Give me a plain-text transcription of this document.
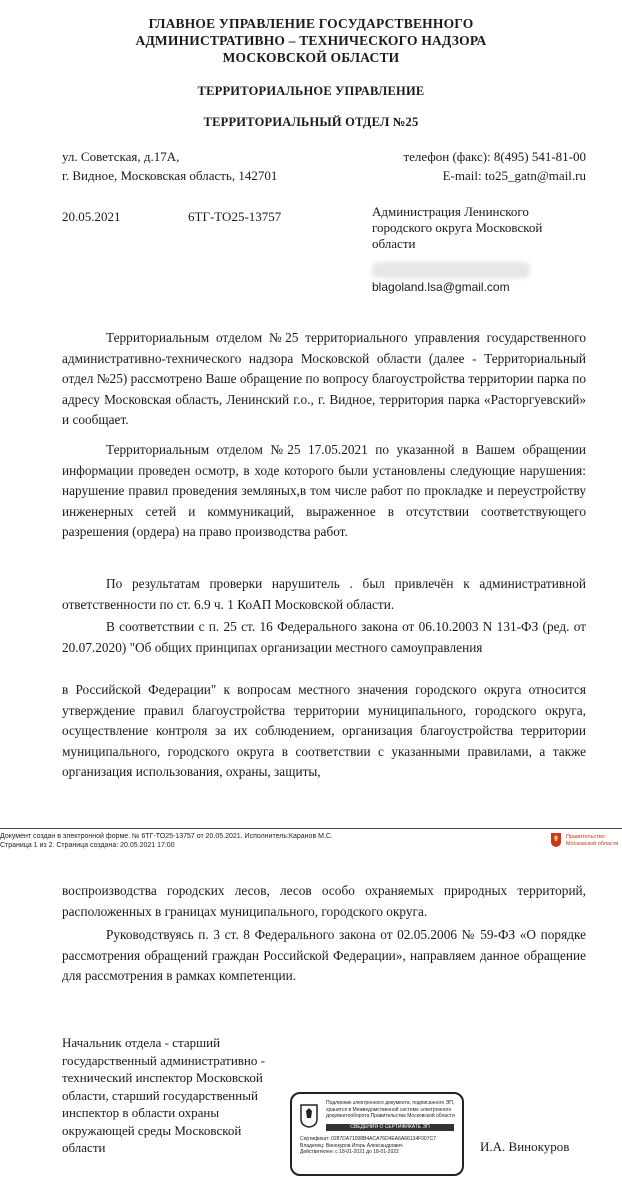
ГЛАВНОЕ УПРАВЛЕНИЕ ГОСУДАРСТВЕННОГО
АДМИНИСТРАТИВНО – ТЕХНИЧЕСКОГО НАДЗОРА
МОСКОВСКОЙ ОБЛАСТИ
ТЕРРИТОРИАЛЬНОЕ УПРАВЛЕНИЕ
ТЕРРИТОРИАЛЬНЫЙ ОТДЕЛ №25
ул. Советская, д.17А,
г. Видное, Московская область, 142701
телефон (факс): 8(495) 541-81-00
E-mail: to25_gatn@mail.ru
20.05.2021	6ТГ-ТО25-13757	Администрация Ленинского
городского округа Московской
области
blagoland.lsa@gmail.com
Территориальным отделом №25 территориального управления государственного административно-технического надзора Московской области (далее - Территориальный отдел №25) рассмотрено Ваше обращение по вопросу благоустройства территории парка по адресу Московская область, Ленинский г.о., г. Видное, территория парка «Расторгуевский» и сообщает.
Территориальным отделом №25 17.05.2021 по указанной в Вашем обращении информации проведен осмотр, в ходе которого были установлены следующие нарушения: нарушение правил проведения земляных,в том числе работ по прокладке и переустройству инженерных сетей и коммуникаций, выраженное в отсутствии соответствующего разрешения (ордера) на право производства работ.
По результатам проверки нарушитель . был привлечён к административной ответственности по ст. 6.9 ч. 1 КоАП Московской области.
В соответствии с п. 25 ст. 16 Федерального закона от 06.10.2003 N 131-ФЗ (ред. от 20.07.2020) "Об общих принципах организации местного самоуправления
в Российской Федерации" к вопросам местного значения городского округа относится утверждение правил благоустройства территории муниципального, городского округа, осуществление контроля за их соблюдением, организация благоустройства территории муниципального, городского округа в соответствии с указанными правилами, а также организация использования, охраны, защиты,
Документ создан в электронной форме. № 6ТГ-ТО25-13757 от 20.05.2021. Исполнитель:Каранов М.С.
Страница 1 из 2. Страница создана: 20.05.2021 17:00
Правительство
Московской области
воспроизводства городских лесов, лесов особо охраняемых природных территорий, расположенных в границах муниципального, городского округа.
Руководствуясь п. 3 ст. 8 Федерального закона от 02.05.2006 № 59-ФЗ «О порядке рассмотрения обращений граждан Российской Федерации», направляем данное обращение для рассмотрения в рамках компетенции.
Начальник отдела - старший
государственный административно -
технический инспектор Московской
области, старший государственный
инспектор в области охраны
окружающей среды Московской
области	И.А. Винокуров
Подлинник электронного документа, подписанного ЭП,
хранится в Межведомственной системе электронного
документооборота Правительства Московской области
СВЕДЕНИЯ О СЕРТИФИКАТЕ ЭП
Сертификат: 0287DA71008B4ACA76D4EA6A66134F007C7
Владелец: Винокуров Игорь Александрович
Действителен: с 18-01-2021 до 18-01-2022
